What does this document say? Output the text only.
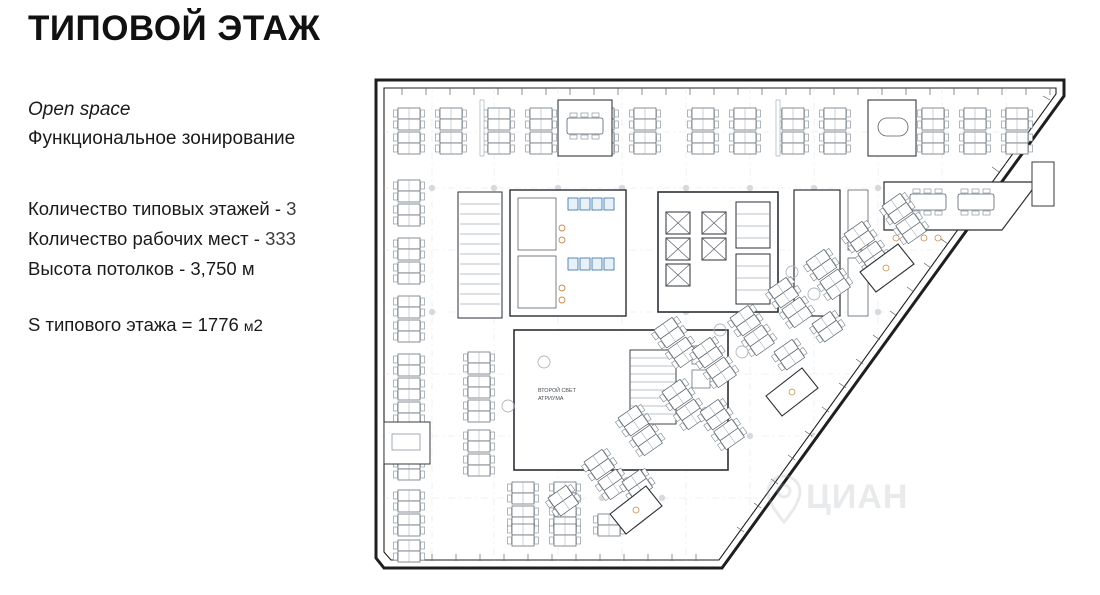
ТИПОВОЙ ЭТАЖ
Open space
Функциональное зонирование
Количество типовых этажей - 3
Количество рабочих мест - 333
Высота потолков - 3,750 м
S типового этажа = 1776 м2
ВТОРОЙ СВЕТ
АТРИУМА
ЦИАН
